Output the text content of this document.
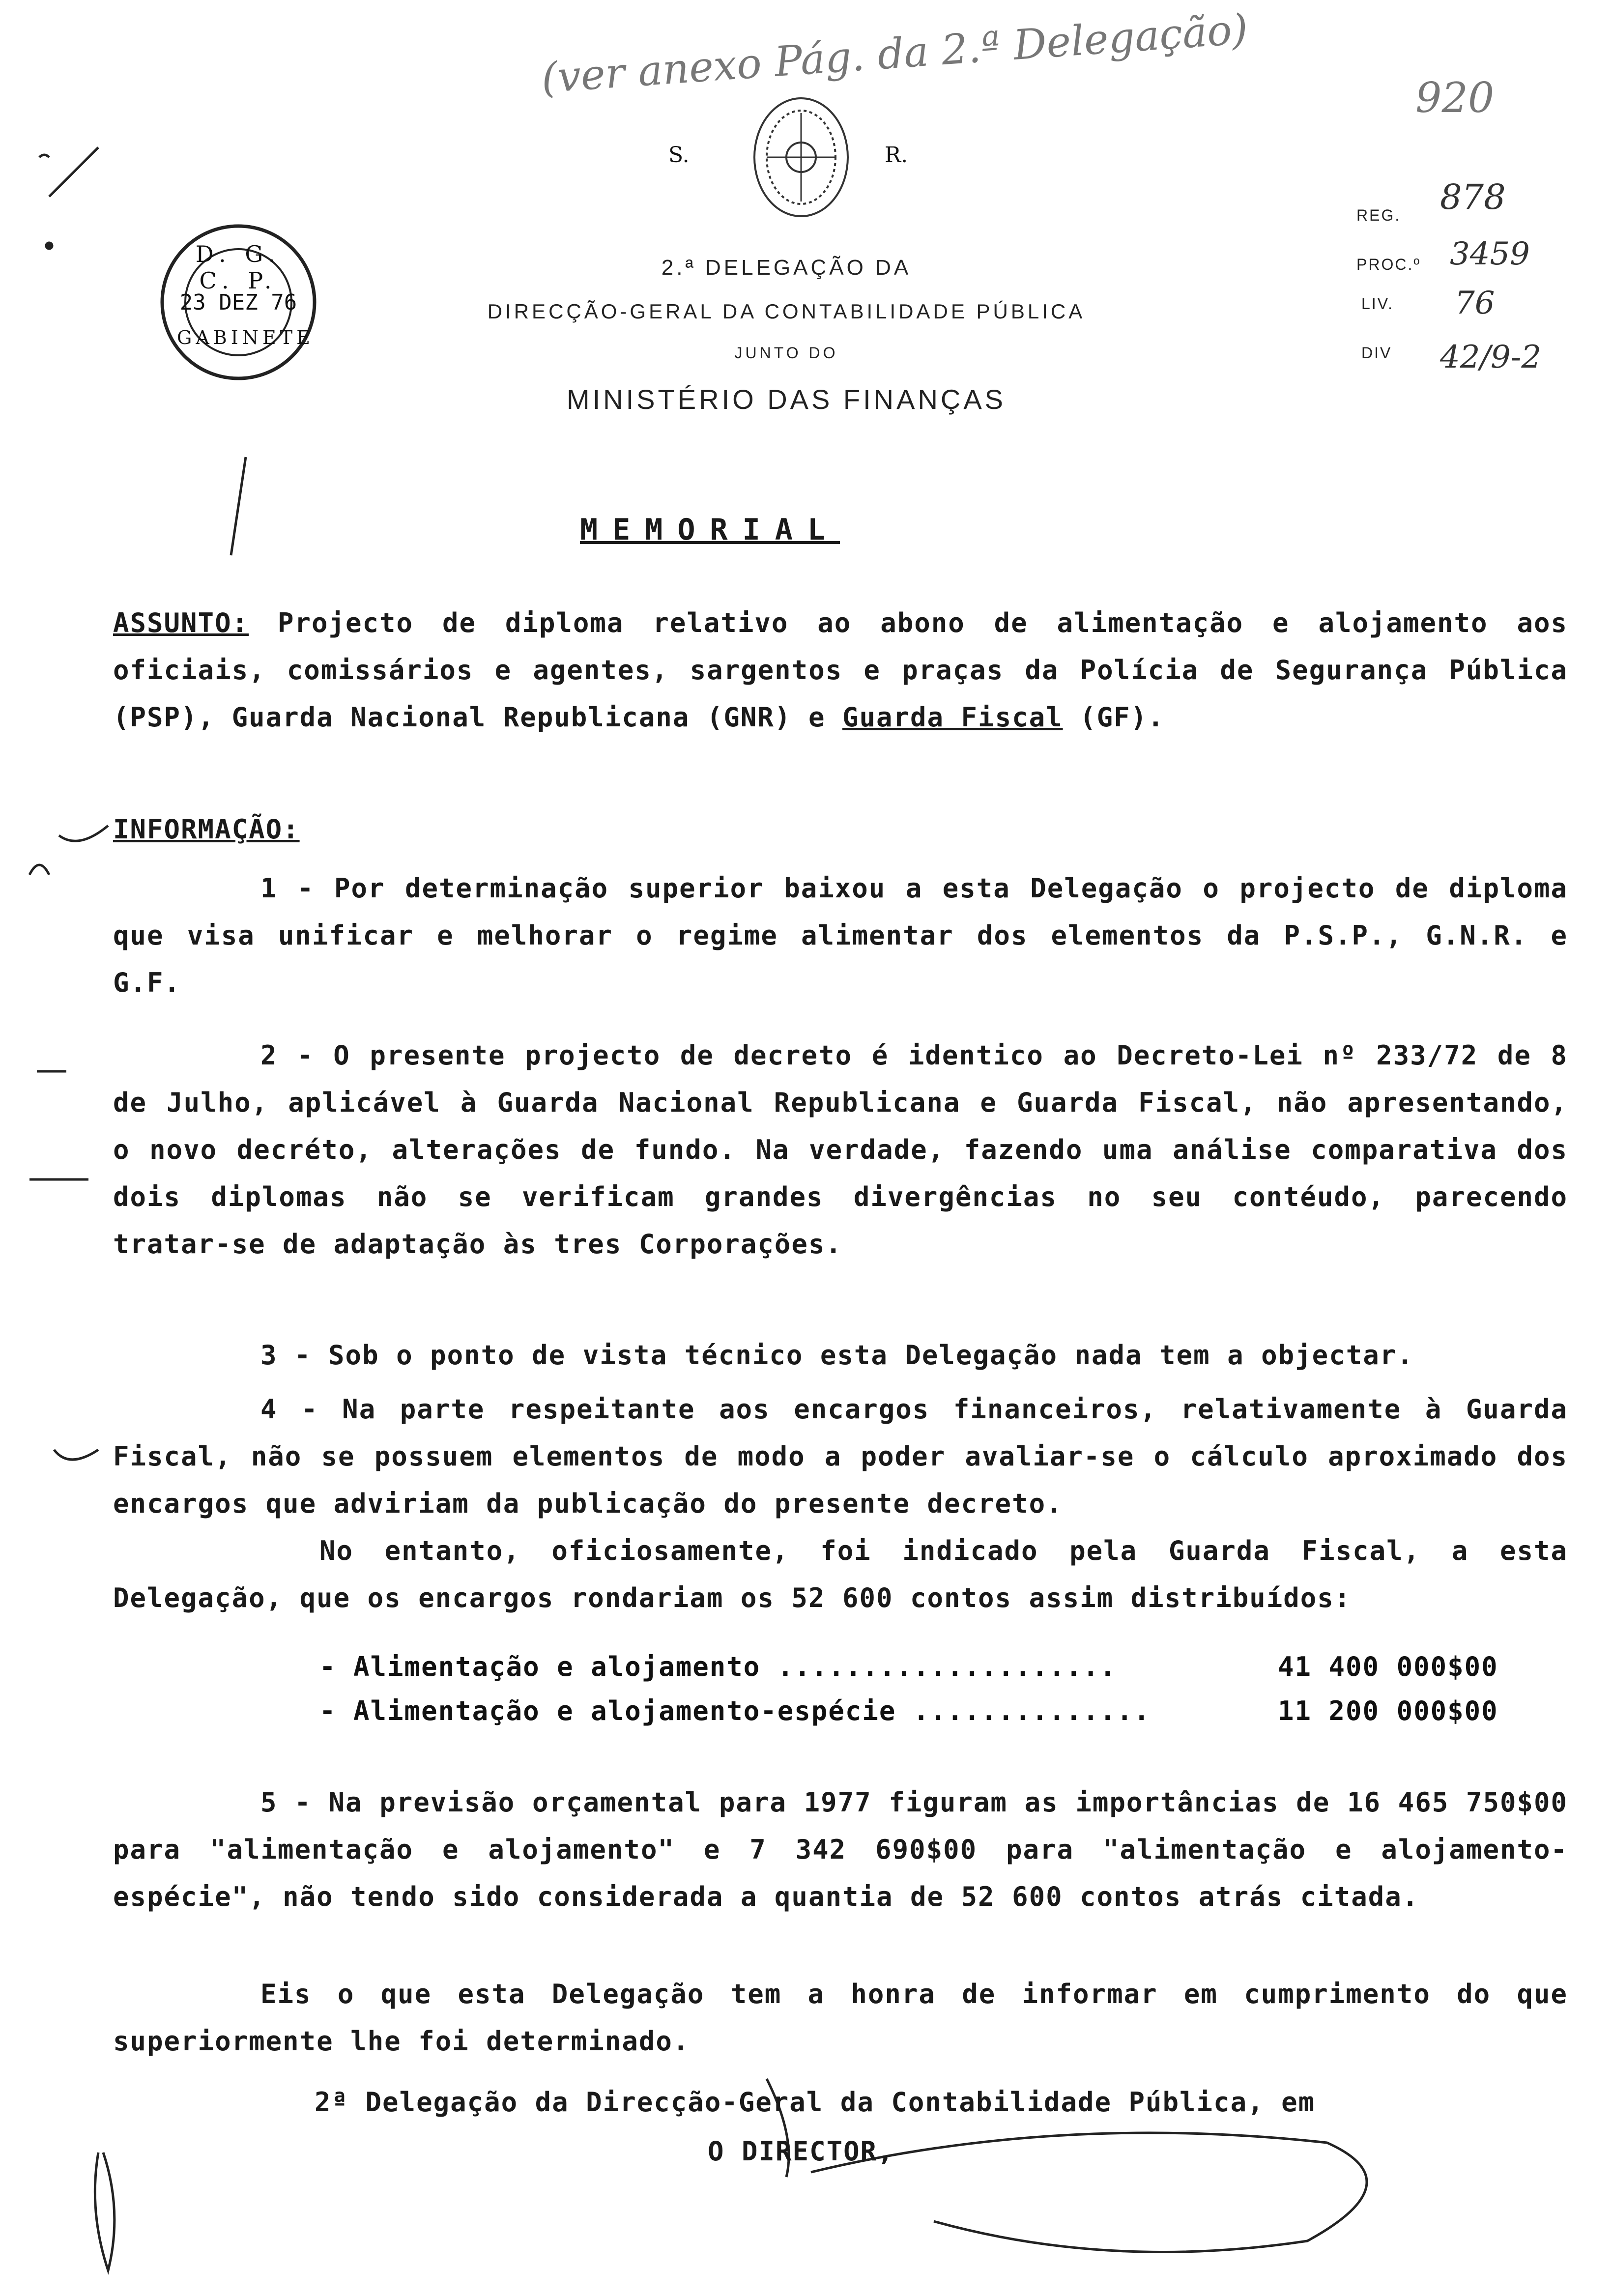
(ver anexo Pág. da 2.ª Delegação)	920
S.	R.
D. G. C. P.
23 DEZ 76
GABINETE
2.ª DELEGAÇÃO DA
DIRECÇÃO-GERAL DA CONTABILIDADE PÚBLICA
JUNTO DO
MINISTÉRIO DAS FINANÇAS
REG. 878
PROC.º 3459
LIV. 76
DIV 42/9-2
MEMORIAL

ASSUNTO: Projecto de diploma relativo ao abono de alimentação e alojamento aos oficiais, comissários e agentes, sargentos e praças da Polícia de Segurança Pública (PSP), Guarda Nacional Republicana (GNR) e Guarda Fiscal (GF).

INFORMAÇÃO:

1 - Por determinação superior baixou a esta Delegação o projecto de diploma que visa unificar e melhorar o regime alimentar dos elementos da P.S.P., G.N.R. e G.F.

2 - O presente projecto de decreto é identico ao Decreto-Lei nº 233/72 de 8 de Julho, aplicável à Guarda Nacional Republicana e Guarda Fiscal, não apresentando, o novo decréto, alterações de fundo. Na verdade, fazendo uma análise comparativa dos dois diplomas não se verificam grandes divergências no seu contéudo, parecendo tratar-se de adaptação às tres Corporações.

3 - Sob o ponto de vista técnico esta Delegação nada tem a objectar.

4 - Na parte respeitante aos encargos financeiros, relativamente à Guarda Fiscal, não se possuem elementos de modo a poder avaliar-se o cálculo aproximado dos encargos que adviriam da publicação do presente decreto.

No entanto, oficiosamente, foi indicado pela Guarda Fiscal, a esta Delegação, que os encargos rondariam os 52 600 contos assim distribuídos:

- Alimentação e alojamento ....................	41 400 000$00
- Alimentação e alojamento-espécie ..............	11 200 000$00

5 - Na previsão orçamental para 1977 figuram as importâncias de 16 465 750$00 para "alimentação e alojamento" e 7 342 690$00 para "alimentação e alojamento-espécie", não tendo sido considerada a quantia de 52 600 contos atrás citada.

Eis o que esta Delegação tem a honra de informar em cumprimento do que superiormente lhe foi determinado.

2ª Delegação da Direcção-Geral da Contabilidade Pública, em
O DIRECTOR,
